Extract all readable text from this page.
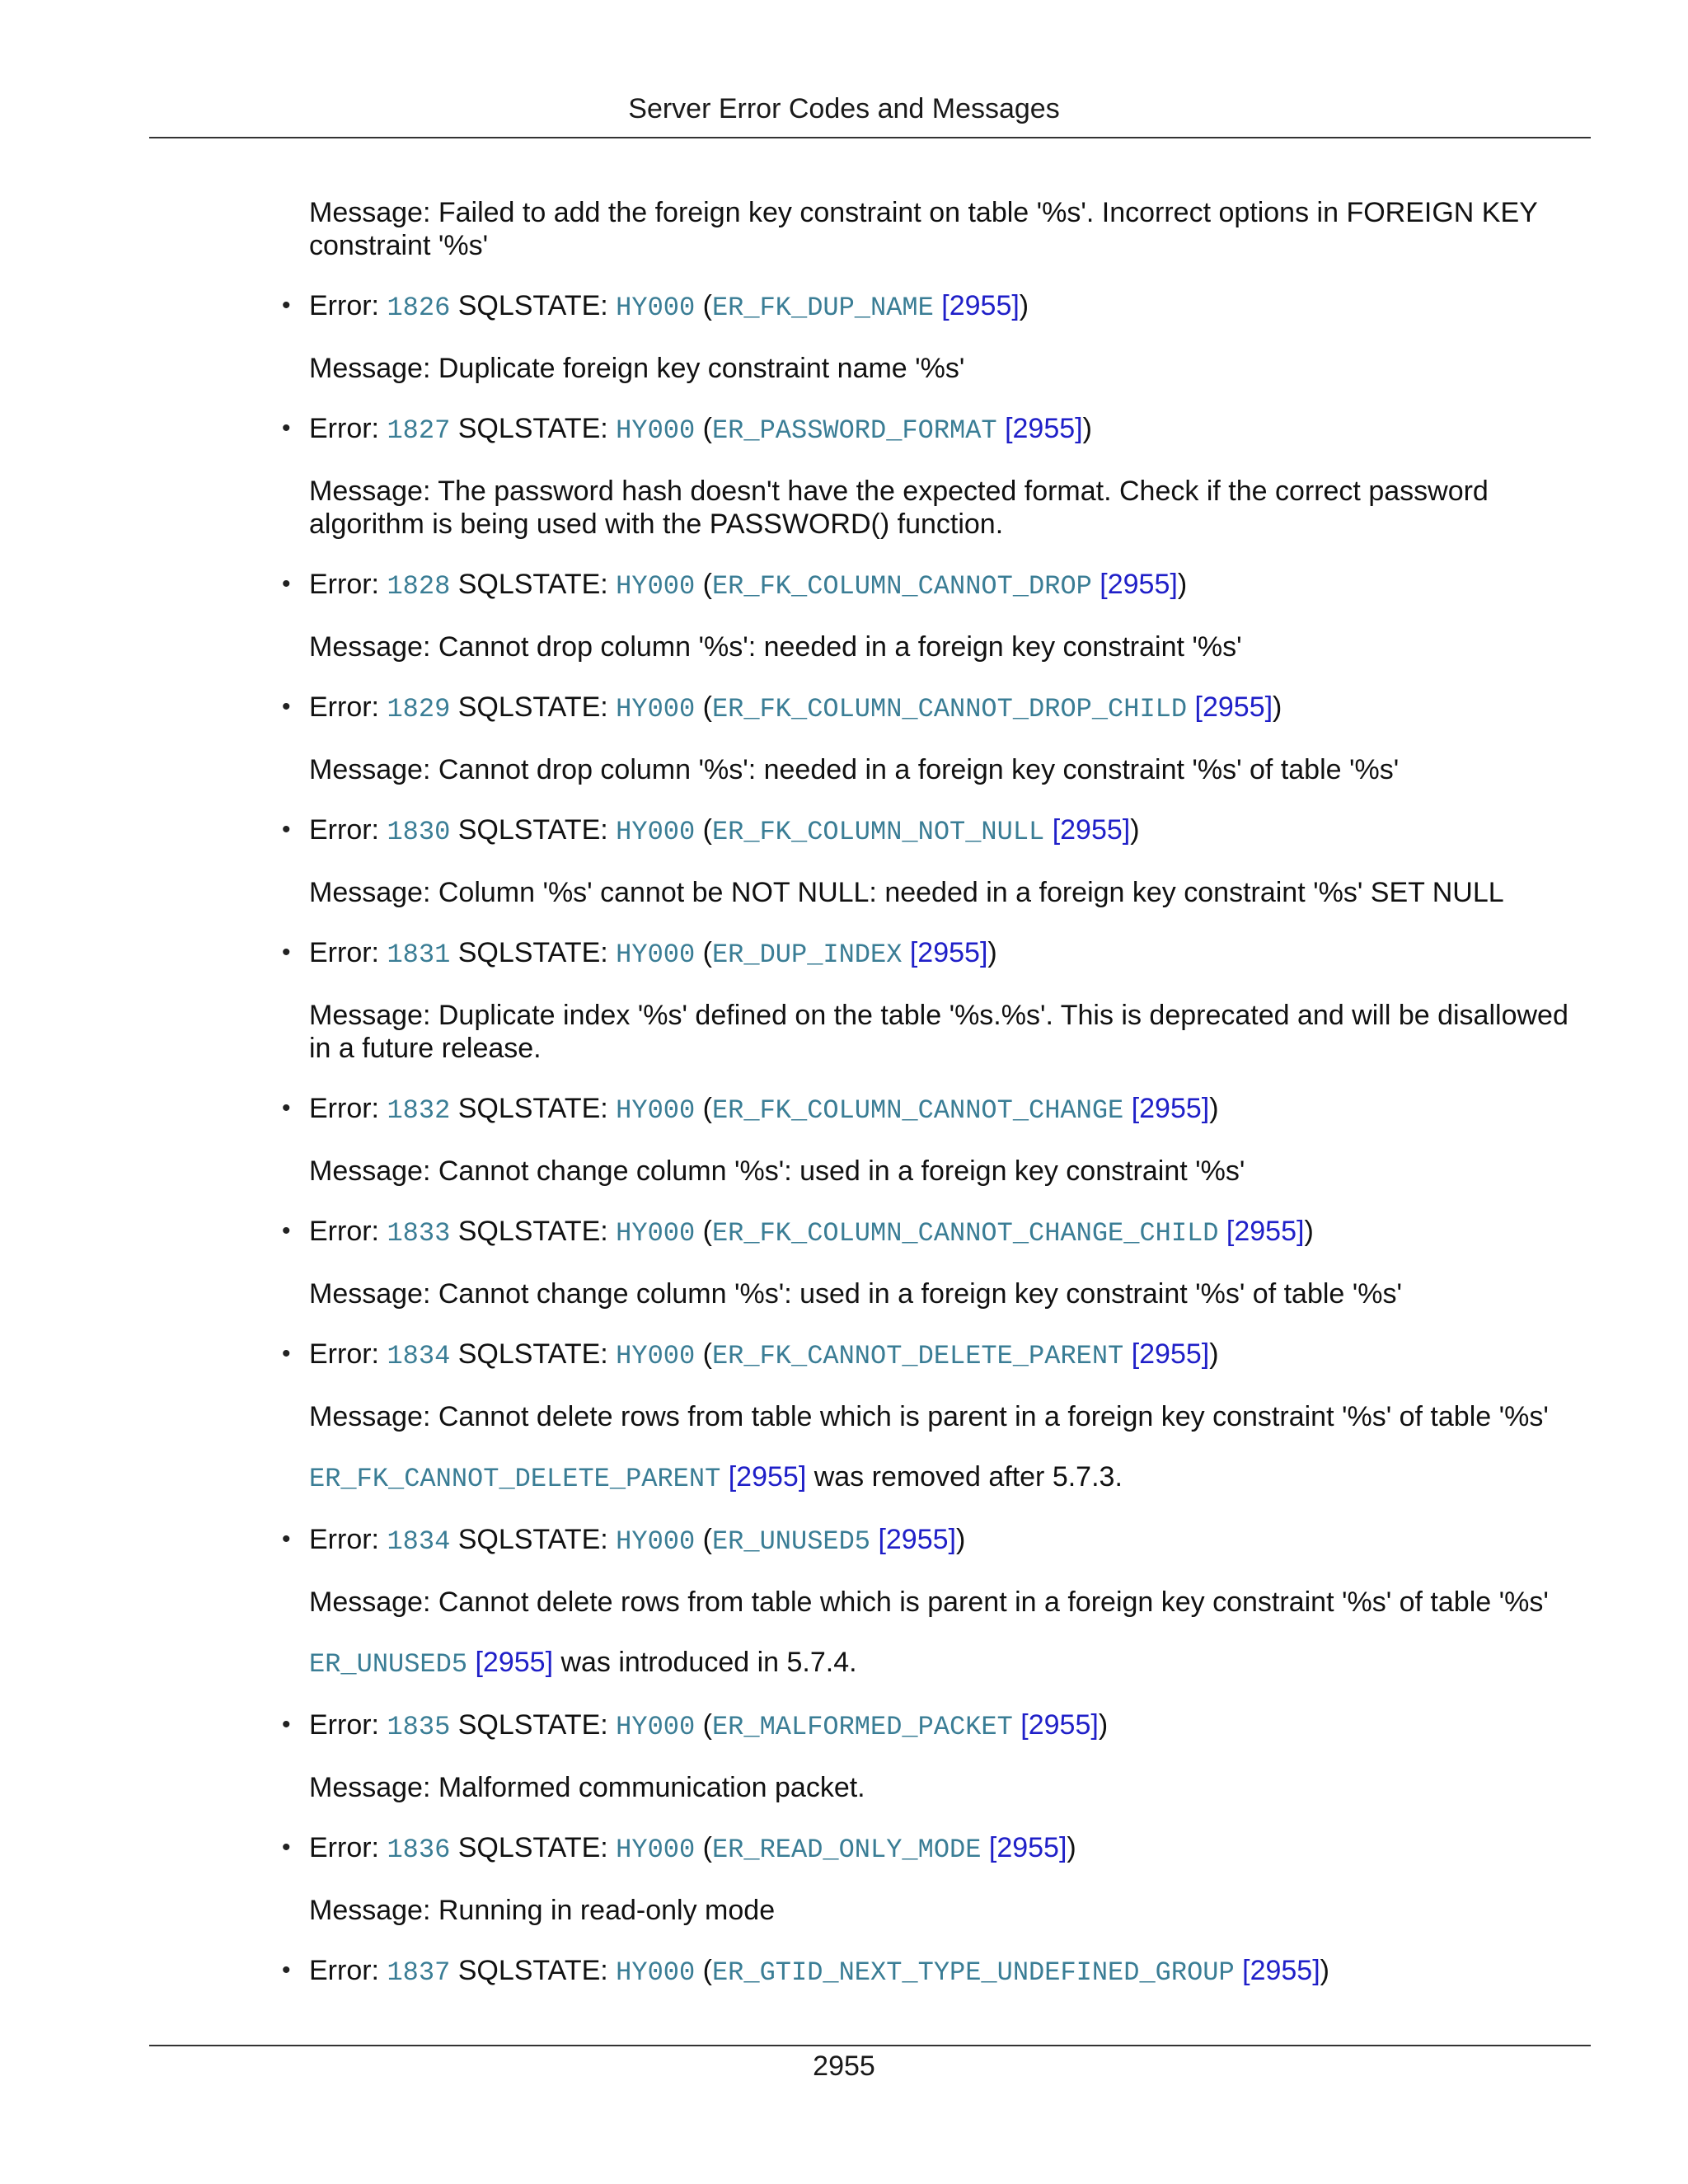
Server Error Codes and Messages

Message: Failed to add the foreign key constraint on table '%s'. Incorrect options in FOREIGN KEY constraint '%s'

• Error: 1826 SQLSTATE: HY000 (ER_FK_DUP_NAME [2955])

Message: Duplicate foreign key constraint name '%s'

• Error: 1827 SQLSTATE: HY000 (ER_PASSWORD_FORMAT [2955])

Message: The password hash doesn't have the expected format. Check if the correct password algorithm is being used with the PASSWORD() function.

• Error: 1828 SQLSTATE: HY000 (ER_FK_COLUMN_CANNOT_DROP [2955])

Message: Cannot drop column '%s': needed in a foreign key constraint '%s'

• Error: 1829 SQLSTATE: HY000 (ER_FK_COLUMN_CANNOT_DROP_CHILD [2955])

Message: Cannot drop column '%s': needed in a foreign key constraint '%s' of table '%s'

• Error: 1830 SQLSTATE: HY000 (ER_FK_COLUMN_NOT_NULL [2955])

Message: Column '%s' cannot be NOT NULL: needed in a foreign key constraint '%s' SET NULL

• Error: 1831 SQLSTATE: HY000 (ER_DUP_INDEX [2955])

Message: Duplicate index '%s' defined on the table '%s.%s'. This is deprecated and will be disallowed in a future release.

• Error: 1832 SQLSTATE: HY000 (ER_FK_COLUMN_CANNOT_CHANGE [2955])

Message: Cannot change column '%s': used in a foreign key constraint '%s'

• Error: 1833 SQLSTATE: HY000 (ER_FK_COLUMN_CANNOT_CHANGE_CHILD [2955])

Message: Cannot change column '%s': used in a foreign key constraint '%s' of table '%s'

• Error: 1834 SQLSTATE: HY000 (ER_FK_CANNOT_DELETE_PARENT [2955])

Message: Cannot delete rows from table which is parent in a foreign key constraint '%s' of table '%s'

ER_FK_CANNOT_DELETE_PARENT [2955] was removed after 5.7.3.

• Error: 1834 SQLSTATE: HY000 (ER_UNUSED5 [2955])

Message: Cannot delete rows from table which is parent in a foreign key constraint '%s' of table '%s'

ER_UNUSED5 [2955] was introduced in 5.7.4.

• Error: 1835 SQLSTATE: HY000 (ER_MALFORMED_PACKET [2955])

Message: Malformed communication packet.

• Error: 1836 SQLSTATE: HY000 (ER_READ_ONLY_MODE [2955])

Message: Running in read-only mode

• Error: 1837 SQLSTATE: HY000 (ER_GTID_NEXT_TYPE_UNDEFINED_GROUP [2955])

2955
